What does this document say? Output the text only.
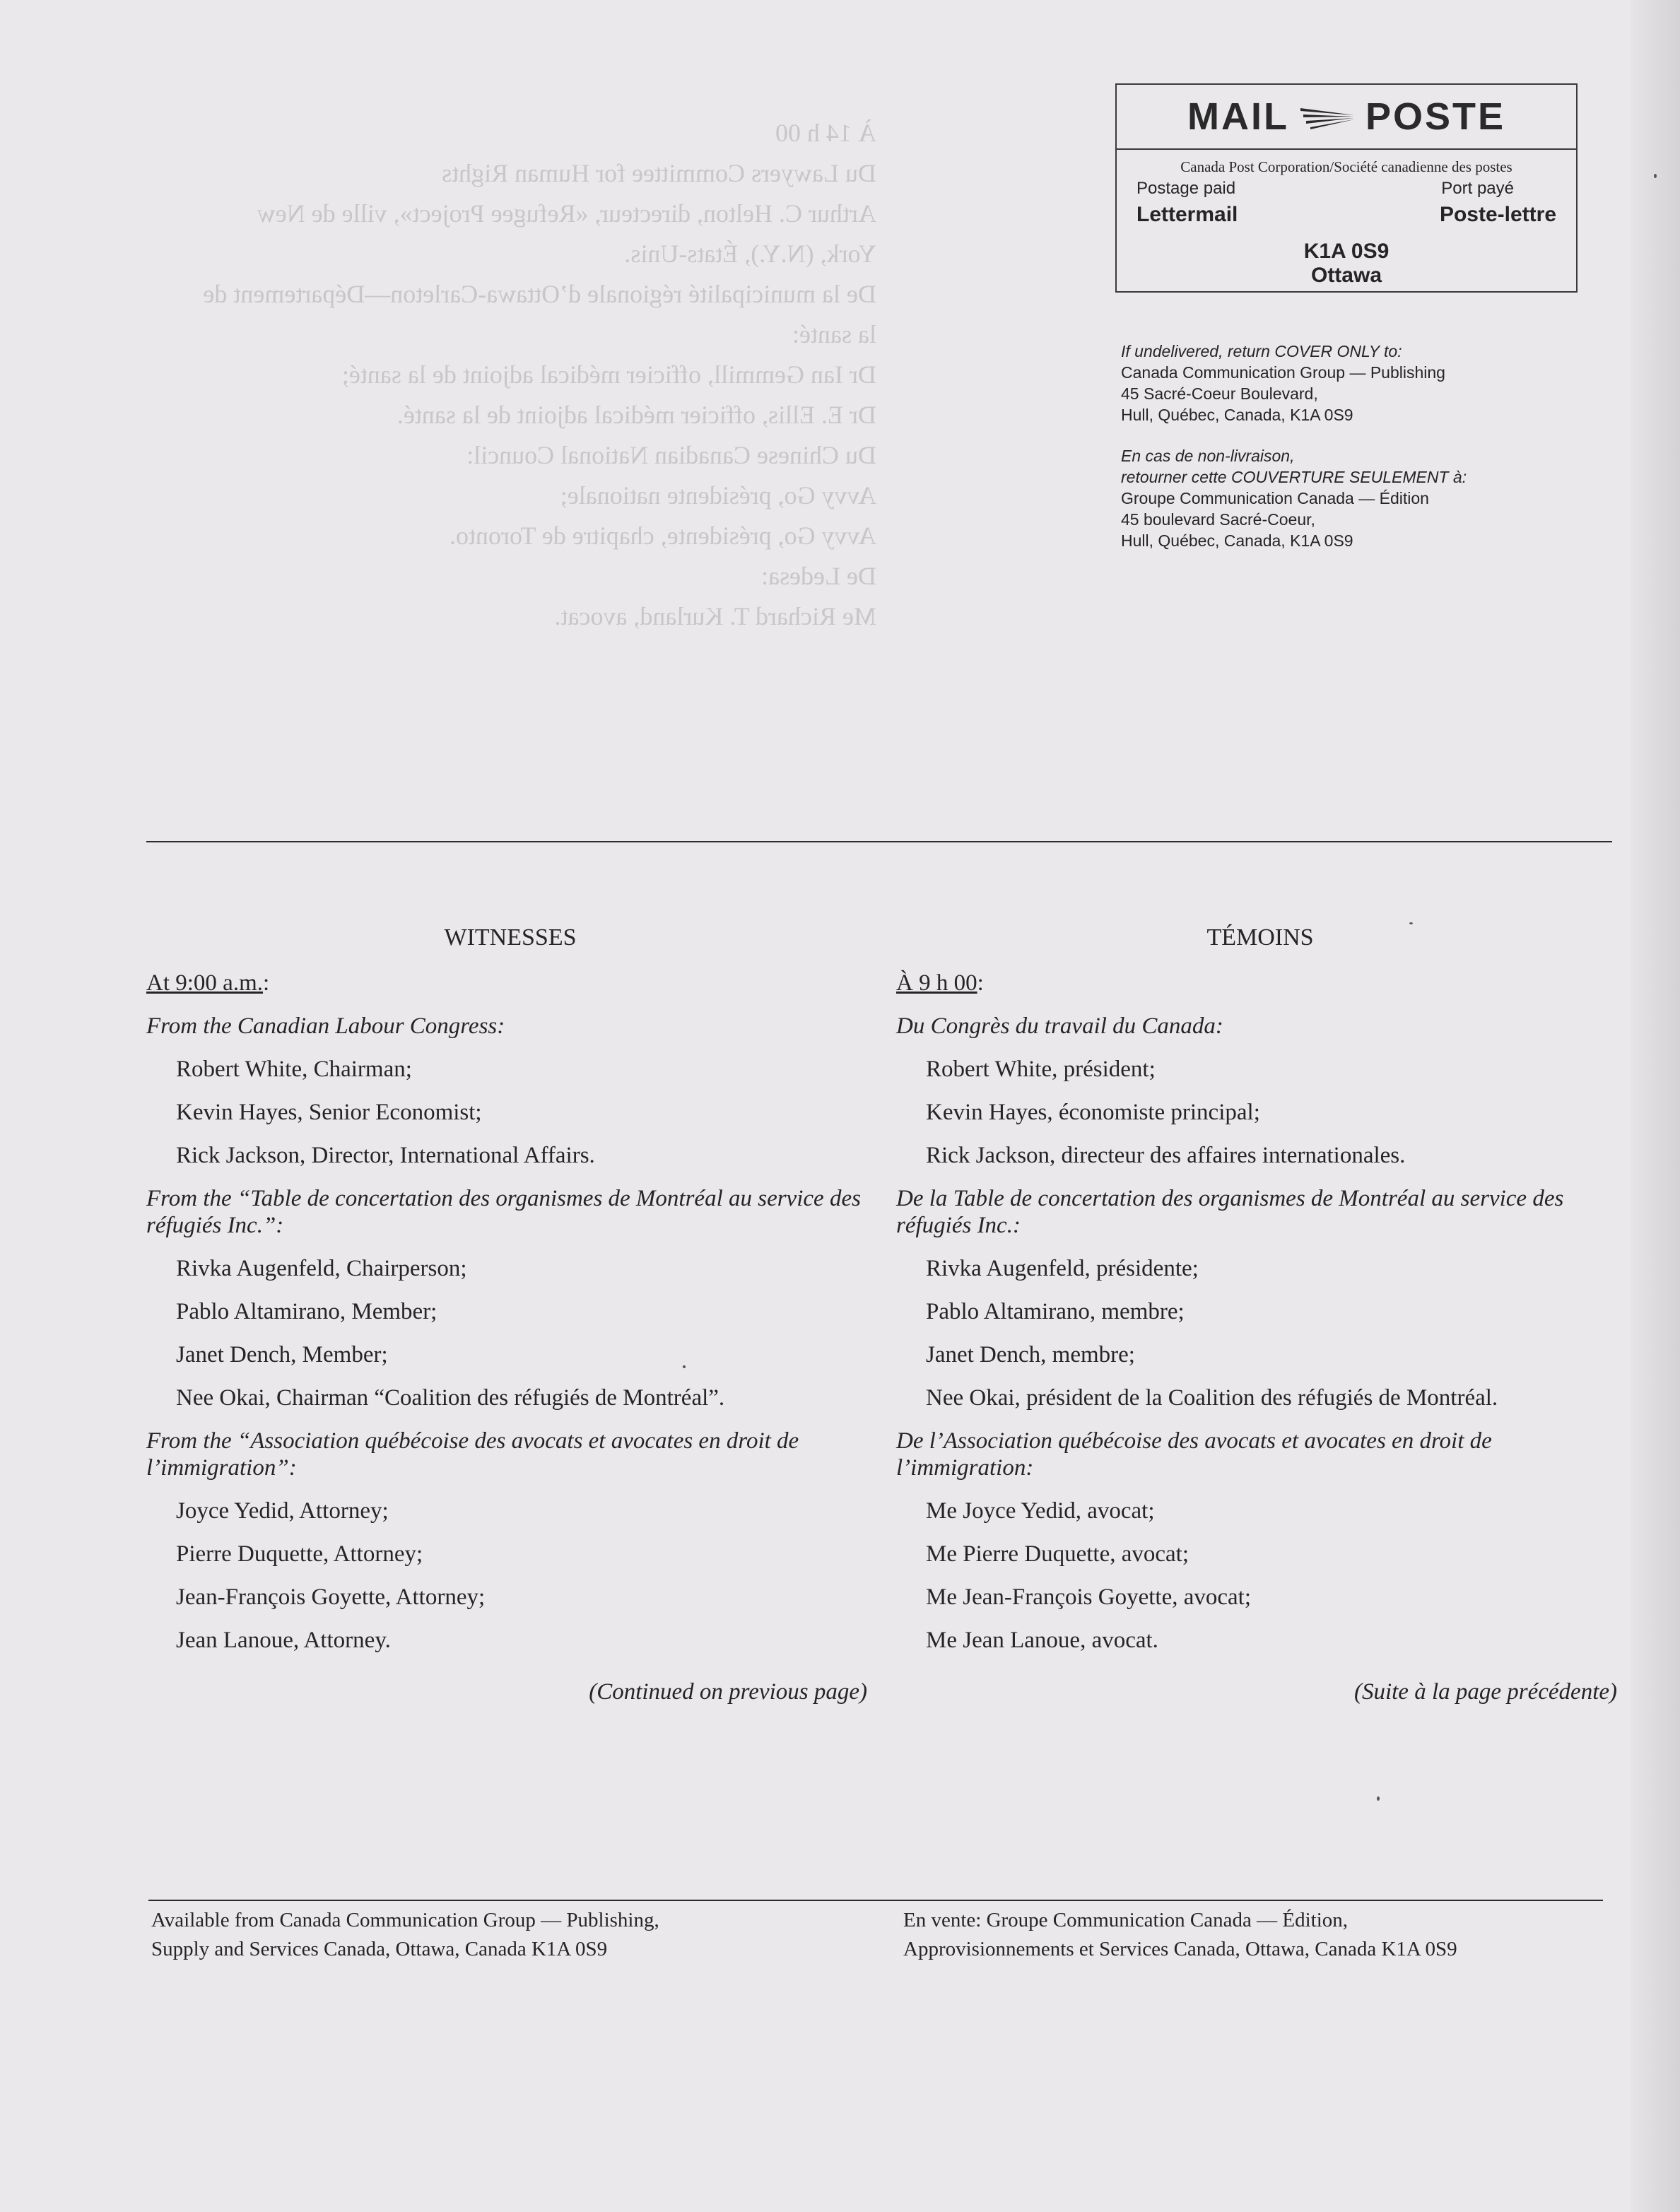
À 14 h 00
Du Lawyers Committee for Human Rights
Arthur C. Helton, directeur, «Refugee Project», ville de New
York, (N.Y.), États-Unis.
De la municipalité régionale d’Ottawa-Carleton—Département de
la santé:
Dr Ian Gemmill, officier médical adjoint de la santé;
Dr E. Ellis, officier médical adjoint de la santé.
Du Chinese Canadian National Council:
Avvy Go, présidente nationale;
Avvy Go, présidente, chapitre de Toronto.
De Ledesa:
Me Richard T. Kurland, avocat.
MAIL POSTE
Canada Post Corporation/Société canadienne des postes
Postage paid	Port payé
Lettermail	Poste-lettre
K1A 0S9
Ottawa
If undelivered, return COVER ONLY to:
Canada Communication Group — Publishing
45 Sacré-Coeur Boulevard,
Hull, Québec, Canada, K1A 0S9
En cas de non-livraison,
retourner cette COUVERTURE SEULEMENT à:
Groupe Communication Canada — Édition
45 boulevard Sacré-Coeur,
Hull, Québec, Canada, K1A 0S9
WITNESSES
At 9:00 a.m.:
From the Canadian Labour Congress:
Robert White, Chairman;
Kevin Hayes, Senior Economist;
Rick Jackson, Director, International Affairs.
From the “Table de concertation des organismes de Montréal au service des réfugiés Inc.”:
Rivka Augenfeld, Chairperson;
Pablo Altamirano, Member;
Janet Dench, Member;
Nee Okai, Chairman “Coalition des réfugiés de Montréal”.
From the “Association québécoise des avocats et avocates en droit de l’immigration”:
Joyce Yedid, Attorney;
Pierre Duquette, Attorney;
Jean-François Goyette, Attorney;
Jean Lanoue, Attorney.
(Continued on previous page)
TÉMOINS
À 9 h 00:
Du Congrès du travail du Canada:
Robert White, président;
Kevin Hayes, économiste principal;
Rick Jackson, directeur des affaires internationales.
De la Table de concertation des organismes de Montréal au service des réfugiés Inc.:
Rivka Augenfeld, présidente;
Pablo Altamirano, membre;
Janet Dench, membre;
Nee Okai, président de la Coalition des réfugiés de Montréal.
De l’Association québécoise des avocats et avocates en droit de l’immigration:
Me Joyce Yedid, avocat;
Me Pierre Duquette, avocat;
Me Jean-François Goyette, avocat;
Me Jean Lanoue, avocat.
(Suite à la page précédente)
Available from Canada Communication Group — Publishing,
Supply and Services Canada, Ottawa, Canada K1A 0S9
En vente: Groupe Communication Canada — Édition,
Approvisionnements et Services Canada, Ottawa, Canada K1A 0S9
